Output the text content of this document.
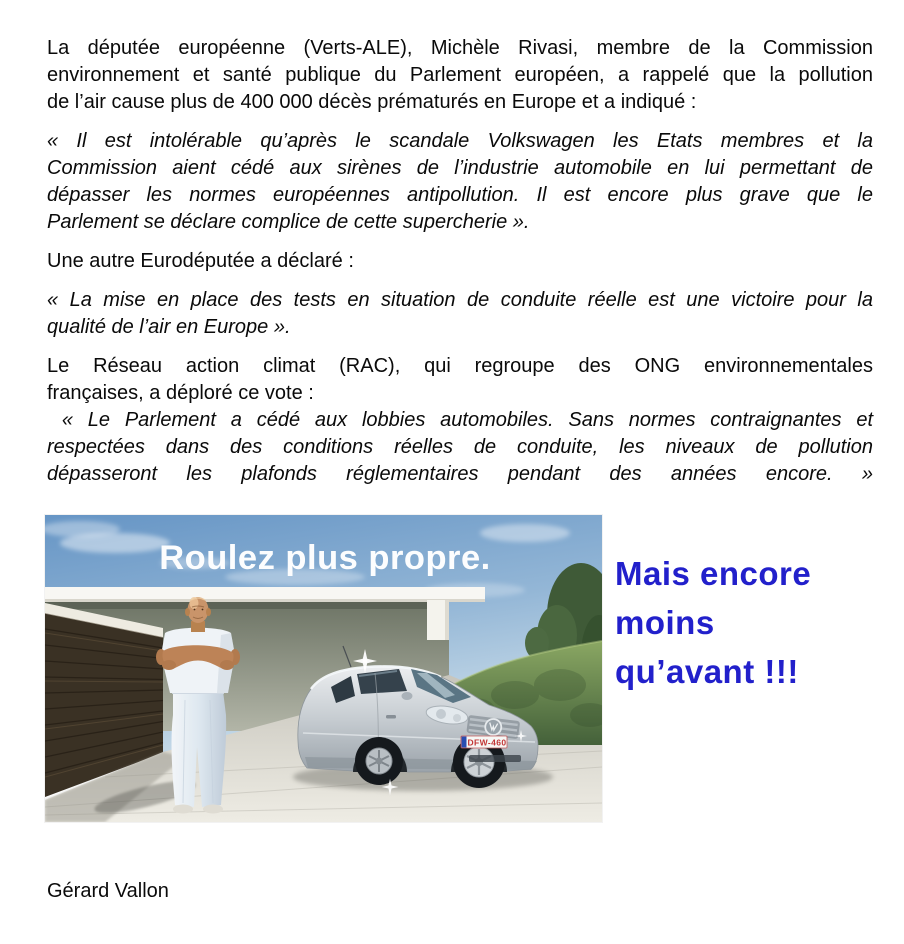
La députée européenne (Verts-ALE), Michèle Rivasi, membre de la Commission
environnement et santé publique du Parlement européen, a rappelé que la pollution
de l’air cause plus de 400 000 décès prématurés en Europe et a indiqué :
« Il est intolérable qu’après le scandale Volkswagen les Etats membres et la
Commission aient cédé aux sirènes de l’industrie automobile en lui permettant de
dépasser les normes européennes antipollution. Il est encore plus grave que le
Parlement se déclare complice de cette supercherie ».
Une autre Eurodéputée a déclaré :
« La mise en place des tests en situation de conduite réelle est une victoire pour la
qualité de l’air en Europe ».
Le Réseau action climat (RAC), qui regroupe des ONG environnementales
françaises, a déploré ce vote :
« Le Parlement a cédé aux lobbies automobiles. Sans normes contraignantes et
respectées dans des conditions réelles de conduite, les niveaux de pollution
dépasseront les plafonds réglementaires pendant des années encore. »
DFW-460
Roulez plus propre.	Mais encore
moins
qu’avant !!!
Gérard Vallon
